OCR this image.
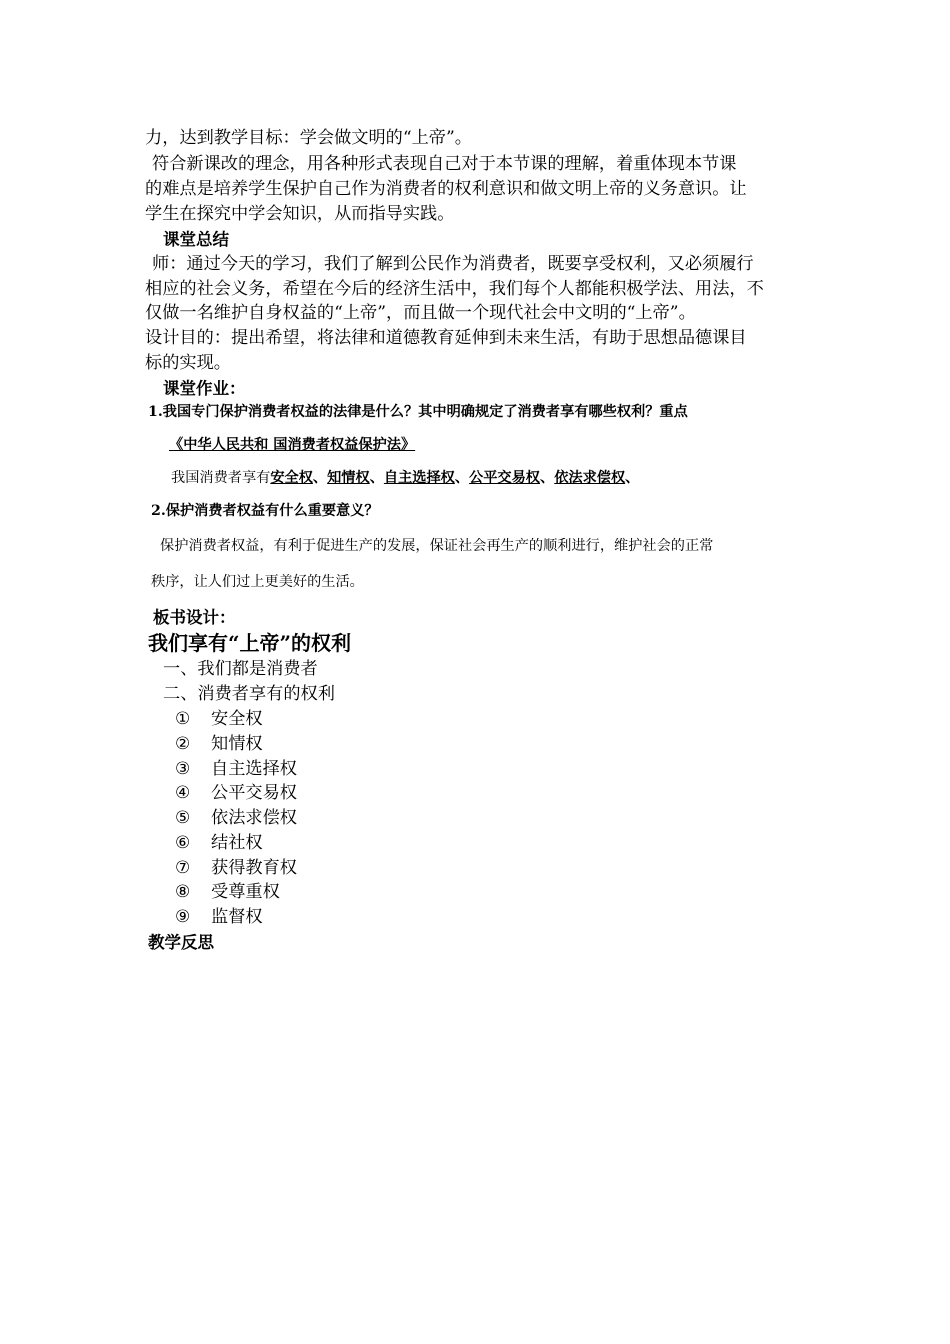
力，达到教学目标：学会做文明的“上帝”。
符合新课改的理念，用各种形式表现自己对于本节课的理解，着重体现本节课
的难点是培养学生保护自己作为消费者的权利意识和做文明上帝的义务意识。让
学生在探究中学会知识，从而指导实践。
课堂总结
师：通过今天的学习，我们了解到公民作为消费者，既要享受权利，又必须履行
相应的社会义务，希望在今后的经济生活中，我们每个人都能积极学法、用法，不
仅做一名维护自身权益的“上帝”，而且做一个现代社会中文明的“上帝”。
设计目的：提出希望，将法律和道德教育延伸到未来生活，有助于思想品德课目
标的实现。
课堂作业：
1.我国专门保护消费者权益的法律是什么？其中明确规定了消费者享有哪些权利？重点
《中华人民共和 国消费者权益保护法》
我国消费者享有安全权、知情权、自主选择权、公平交易权、依法求偿权、
2.保护消费者权益有什么重要意义？
保护消费者权益，有利于促进生产的发展，保证社会再生产的顺利进行，维护社会的正常
秩序，让人们过上更美好的生活。
板书设计：
我们享有“上帝”的权利
一、我们都是消费者
二、消费者享有的权利
① 安全权
② 知情权
③ 自主选择权
④ 公平交易权
⑤ 依法求偿权
⑥ 结社权
⑦ 获得教育权
⑧ 受尊重权
⑨ 监督权
教学反思
